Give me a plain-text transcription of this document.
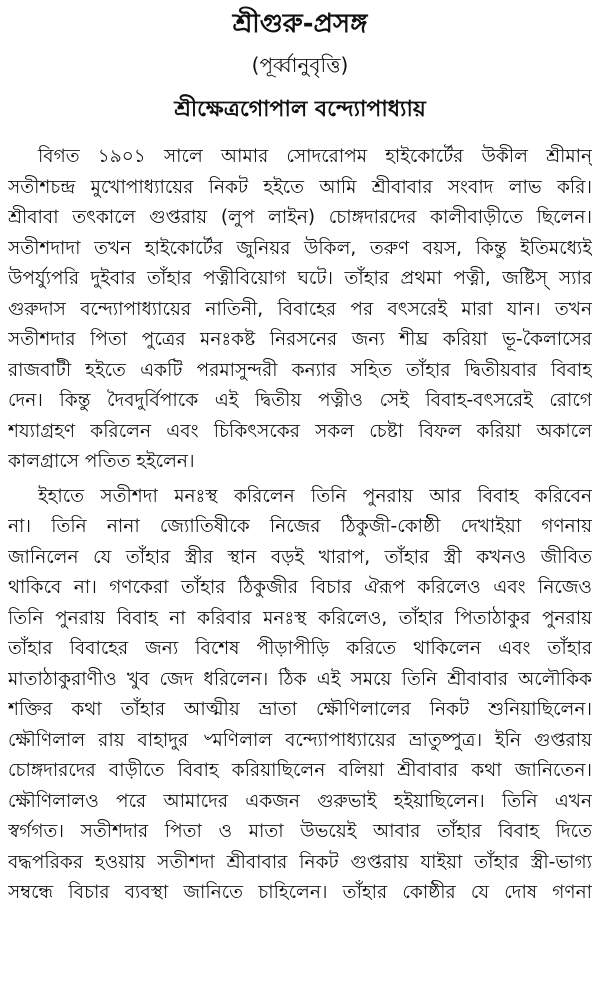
শ্রীগুরু-প্রসঙ্গ
(পূর্ব্বানুবৃত্তি)
শ্রীক্ষেত্রগোপাল বন্দ্যোপাধ্যায়

বিগত ১৯০১ সালে আমার সোদরোপম হাইকোর্টের উকীল শ্রীমান্
সতীশচন্দ্র মুখোপাধ্যায়ের নিকট হইতে আমি শ্রীবাবার সংবাদ লাভ করি।
শ্রীবাবা তৎকালে গুপ্তরায় (লুপ লাইন) চোঙ্গদারদের কালীবাড়ীতে ছিলেন।
সতীশদাদা তখন হাইকোর্টের জুনিয়র উকিল, তরুণ বয়স, কিন্তু ইতিমধ্যেই
উপর্য্যুপরি দুইবার তাঁহার পত্নীবিয়োগ ঘটে। তাঁহার প্রথমা পত্নী, জষ্টিস্ স্যার
গুরুদাস বন্দ্যোপাধ্যায়ের নাতিনী, বিবাহের পর বৎসরেই মারা যান। তখন
সতীশদার পিতা পুত্রের মনঃকষ্ট নিরসনের জন্য শীঘ্র করিয়া ভূ-কৈলাসের
রাজবাটী হইতে একটি পরমাসুন্দরী কন্যার সহিত তাঁহার দ্বিতীয়বার বিবাহ
দেন। কিন্তু দৈবদুর্বিপাকে এই দ্বিতীয় পত্নীও সেই বিবাহ-বৎসরেই রোগে
শয্যাগ্রহণ করিলেন এবং চিকিৎসকের সকল চেষ্টা বিফল করিয়া অকালে
কালগ্রাসে পতিত হইলেন।

ইহাতে সতীশদা মনঃস্থ করিলেন তিনি পুনরায় আর বিবাহ করিবেন
না। তিনি নানা জ্যোতিষীকে নিজের ঠিকুজী-কোষ্ঠী দেখাইয়া গণনায়
জানিলেন যে তাঁহার স্ত্রীর স্থান বড়ই খারাপ, তাঁহার স্ত্রী কখনও জীবিত
থাকিবে না। গণকেরা তাঁহার ঠিকুজীর বিচার ঐরূপ করিলেও এবং নিজেও
তিনি পুনরায় বিবাহ না করিবার মনঃস্থ করিলেও, তাঁহার পিতাঠাকুর পুনরায়
তাঁহার বিবাহের জন্য বিশেষ পীড়াপীড়ি করিতে থাকিলেন এবং তাঁহার
মাতাঠাকুরাণীও খুব জেদ ধরিলেন। ঠিক এই সময়ে তিনি শ্রীবাবার অলৌকিক
শক্তির কথা তাঁহার আত্মীয় ভ্রাতা ক্ষৌণিলালের নিকট শুনিয়াছিলেন।
ক্ষৌণিলাল রায় বাহাদুর ৺মণিলাল বন্দ্যোপাধ্যায়ের ভ্রাতুষ্পুত্র। ইনি গুপ্তরায়
চোঙ্গদারদের বাড়ীতে বিবাহ করিয়াছিলেন বলিয়া শ্রীবাবার কথা জানিতেন।
ক্ষৌণিলালও পরে আমাদের একজন গুরুভাই হইয়াছিলেন। তিনি এখন
স্বর্গগত। সতীশদার পিতা ও মাতা উভয়েই আবার তাঁহার বিবাহ দিতে
বদ্ধপরিকর হওয়ায় সতীশদা শ্রীবাবার নিকট গুপ্তরায় যাইয়া তাঁহার স্ত্রী-ভাগ্য
সম্বন্ধে বিচার ব্যবস্থা জানিতে চাহিলেন। তাঁহার কোষ্ঠীর যে দোষ গণনা
